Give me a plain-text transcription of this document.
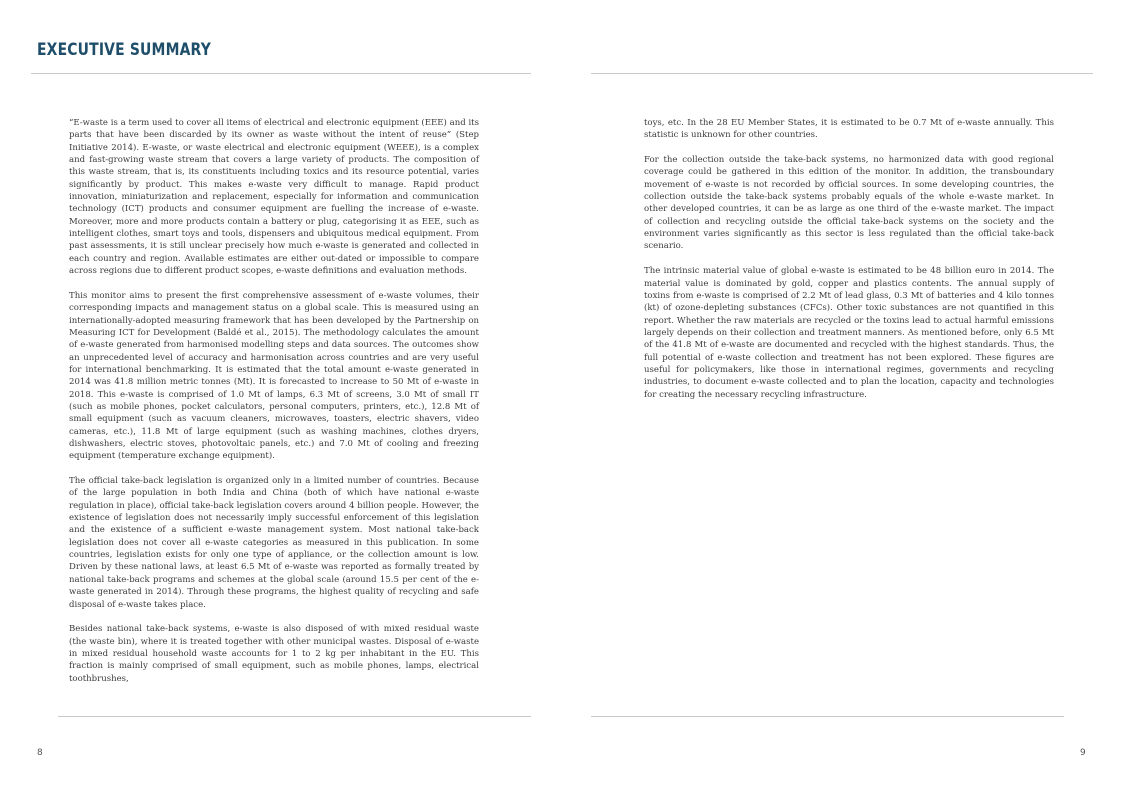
EXECUTIVE SUMMARY

“E-waste is a term used to cover all items of electrical and electronic equipment (EEE) and its parts that have been discarded by its owner as waste without the intent of reuse” (Step Initiative 2014). E-waste, or waste electrical and electronic equipment (WEEE), is a complex and fast-growing waste stream that covers a large variety of products. The composition of this waste stream, that is, its constituents including toxics and its resource potential, varies significantly by product. This makes e-waste very difficult to manage. Rapid product innovation, miniaturization and replacement, especially for information and communication technology (ICT) products and consumer equipment are fuelling the increase of e-waste. Moreover, more and more products contain a battery or plug, categorising it as EEE, such as intelligent clothes, smart toys and tools, dispensers and ubiquitous medical equipment. From past assessments, it is still unclear precisely how much e-waste is generated and collected in each country and region. Available estimates are either out-dated or impossible to compare across regions due to different product scopes, e-waste definitions and evaluation methods.

This monitor aims to present the first comprehensive assessment of e-waste volumes, their corresponding impacts and management status on a global scale. This is measured using an internationally-adopted measuring framework that has been developed by the Partnership on Measuring ICT for Development (Baldé et al., 2015). The methodology calculates the amount of e-waste generated from harmonised modelling steps and data sources. The outcomes show an unprecedented level of accuracy and harmonisation across countries and are very useful for international benchmarking. It is estimated that the total amount e-waste generated in 2014 was 41.8 million metric tonnes (Mt). It is forecasted to increase to 50 Mt of e-waste in 2018. This e-waste is comprised of 1.0 Mt of lamps, 6.3 Mt of screens, 3.0 Mt of small IT (such as mobile phones, pocket calculators, personal computers, printers, etc.), 12.8 Mt of small equipment (such as vacuum cleaners, microwaves, toasters, electric shavers, video cameras, etc.), 11.8 Mt of large equipment (such as washing machines, clothes dryers, dishwashers, electric stoves, photovoltaic panels, etc.) and 7.0 Mt of cooling and freezing equipment (temperature exchange equipment).

The official take-back legislation is organized only in a limited number of countries. Because of the large population in both India and China (both of which have national e-waste regulation in place), official take-back legislation covers around 4 billion people. However, the existence of legislation does not necessarily imply successful enforcement of this legislation and the existence of a sufficient e-waste management system. Most national take-back legislation does not cover all e-waste categories as measured in this publication. In some countries, legislation exists for only one type of appliance, or the collection amount is low. Driven by these national laws, at least 6.5 Mt of e-waste was reported as formally treated by national take-back programs and schemes at the global scale (around 15.5 per cent of the e-waste generated in 2014). Through these programs, the highest quality of recycling and safe disposal of e-waste takes place.

Besides national take-back systems, e-waste is also disposed of with mixed residual waste (the waste bin), where it is treated together with other municipal wastes. Disposal of e-waste in mixed residual household waste accounts for 1 to 2 kg per inhabitant in the EU. This fraction is mainly comprised of small equipment, such as mobile phones, lamps, electrical toothbrushes,

8

toys, etc. In the 28 EU Member States, it is estimated to be 0.7 Mt of e-waste annually. This statistic is unknown for other countries.

For the collection outside the take-back systems, no harmonized data with good regional coverage could be gathered in this edition of the monitor. In addition, the transboundary movement of e-waste is not recorded by official sources. In some developing countries, the collection outside the take-back systems probably equals of the whole e-waste market. In other developed countries, it can be as large as one third of the e-waste market. The impact of collection and recycling outside the official take-back systems on the society and the environment varies significantly as this sector is less regulated than the official take-back scenario.

The intrinsic material value of global e-waste is estimated to be 48 billion euro in 2014. The material value is dominated by gold, copper and plastics contents. The annual supply of toxins from e-waste is comprised of 2.2 Mt of lead glass, 0.3 Mt of batteries and 4 kilo tonnes (kt) of ozone-depleting substances (CFCs). Other toxic substances are not quantified in this report. Whether the raw materials are recycled or the toxins lead to actual harmful emissions largely depends on their collection and treatment manners. As mentioned before, only 6.5 Mt of the 41.8 Mt of e-waste are documented and recycled with the highest standards. Thus, the full potential of e-waste collection and treatment has not been explored. These figures are useful for policymakers, like those in international regimes, governments and recycling industries, to document e-waste collected and to plan the location, capacity and technologies for creating the necessary recycling infrastructure.

9
